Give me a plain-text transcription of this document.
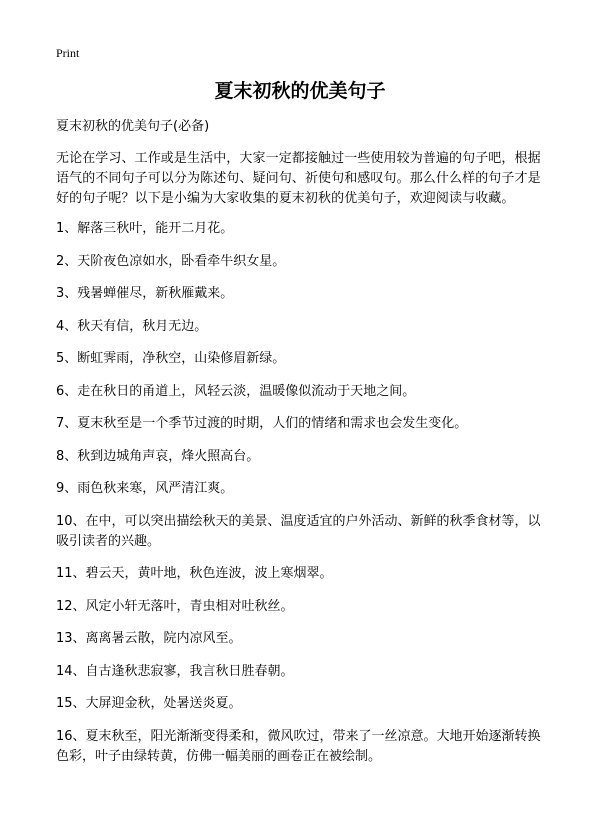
Print
夏末初秋的优美句子

夏末初秋的优美句子(必备)

无论在学习、工作或是生活中，大家一定都接触过一些使用较为普遍的句子吧，根据语气的不同句子可以分为陈述句、疑问句、祈使句和感叹句。那么什么样的句子才是好的句子呢？以下是小编为大家收集的夏末初秋的优美句子，欢迎阅读与收藏。

1、解落三秋叶，能开二月花。
2、天阶夜色凉如水，卧看牵牛织女星。
3、残暑蝉催尽，新秋雁戴来。
4、秋天有信，秋月无边。
5、断虹霁雨，净秋空，山染修眉新绿。
6、走在秋日的甬道上，风轻云淡，温暖像似流动于天地之间。
7、夏末秋至是一个季节过渡的时期，人们的情绪和需求也会发生变化。
8、秋到边城角声哀，烽火照高台。
9、雨色秋来寒，风严清江爽。
10、在中，可以突出描绘秋天的美景、温度适宜的户外活动、新鲜的秋季食材等，以吸引读者的兴趣。
11、碧云天，黄叶地，秋色连波，波上寒烟翠。
12、风定小轩无落叶，青虫相对吐秋丝。
13、离离暑云散，院内凉风至。
14、自古逢秋悲寂寥，我言秋日胜春朝。
15、大屏迎金秋，处暑送炎夏。
16、夏末秋至，阳光渐渐变得柔和，微风吹过，带来了一丝凉意。大地开始逐渐转换色彩，叶子由绿转黄，仿佛一幅美丽的画卷正在被绘制。
